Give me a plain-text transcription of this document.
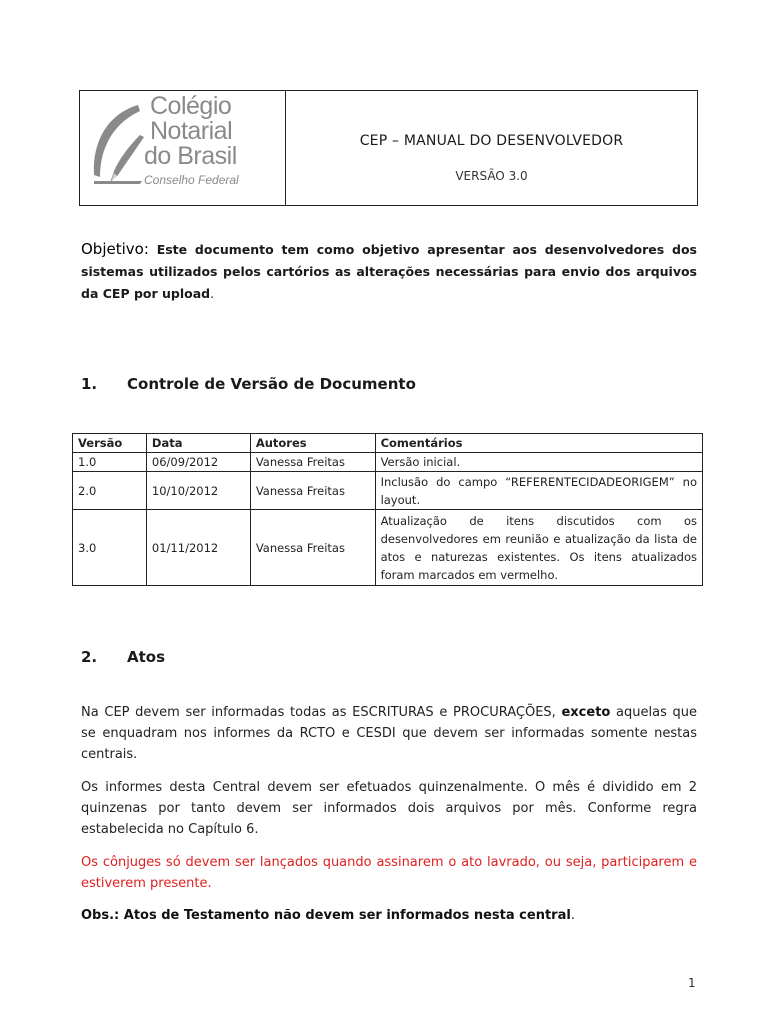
Colégio
Notarial
do Brasil
Conselho Federal
CEP – MANUAL DO DESENVOLVEDOR
VERSÃO 3.0
Objetivo: Este documento tem como objetivo apresentar aos desenvolvedores dos sistemas utilizados pelos cartórios as alterações necessárias para envio dos arquivos da CEP por upload.
1. Controle de Versão de Documento
Versão	Data	Autores	Comentários
1.0	06/09/2012	Vanessa Freitas	Versão inicial.
2.0	10/10/2012	Vanessa Freitas	Inclusão do campo “REFERENTECIDADEORIGEM” no layout.
3.0	01/11/2012	Vanessa Freitas	Atualização de itens discutidos com os desenvolvedores em reunião e atualização da lista de atos e naturezas existentes. Os itens atualizados foram marcados em vermelho.
2. Atos
Na CEP devem ser informadas todas as ESCRITURAS e PROCURAÇÕES, exceto aquelas que se enquadram nos informes da RCTO e CESDI que devem ser informadas somente nestas centrais.
Os informes desta Central devem ser efetuados quinzenalmente. O mês é dividido em 2 quinzenas por tanto devem ser informados dois arquivos por mês. Conforme regra estabelecida no Capítulo 6.
Os cônjuges só devem ser lançados quando assinarem o ato lavrado, ou seja, participarem e estiverem presente.
Obs.: Atos de Testamento não devem ser informados nesta central.
1
